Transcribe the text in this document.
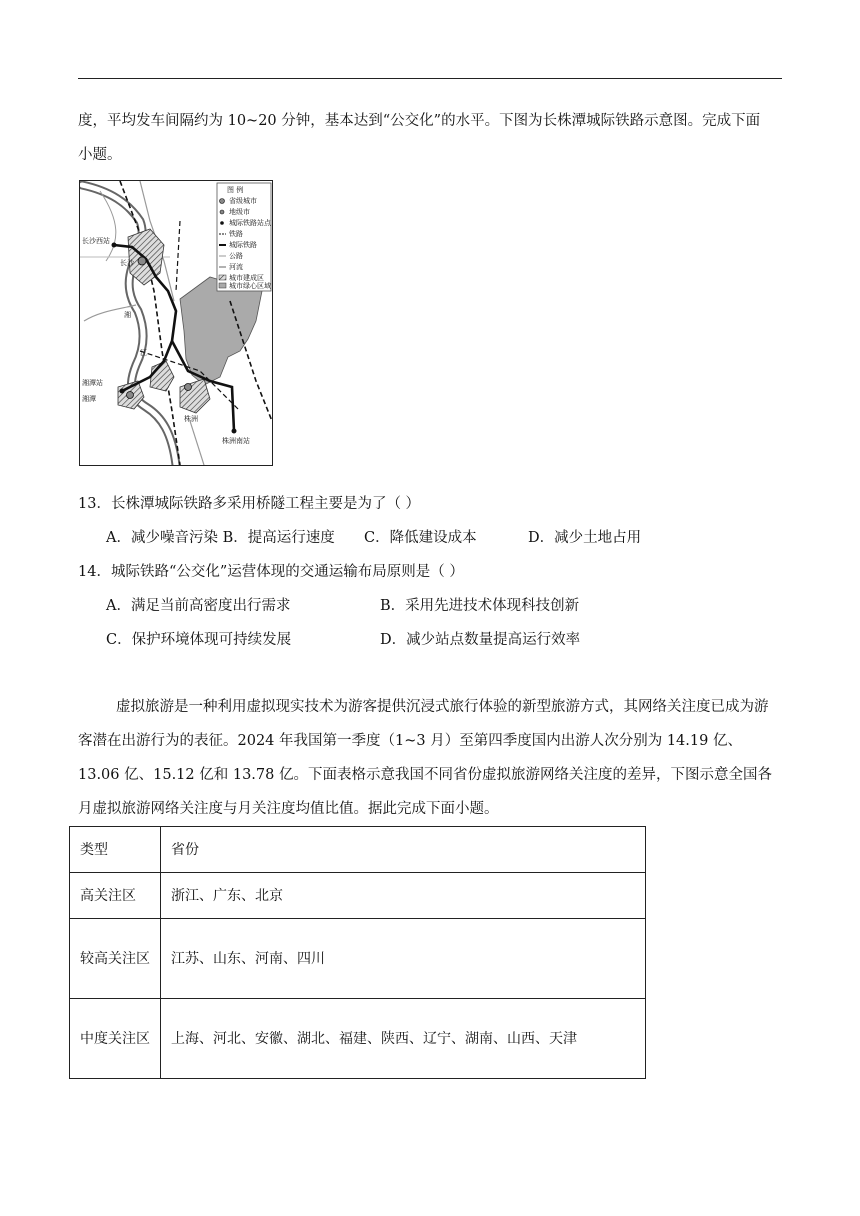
度，平均发车间隔约为 10~20 分钟，基本达到“公交化”的水平。下图为长株潭城际铁路示意图。完成下面
小题。

图 例
省级城市
地级市
城际铁路站点
铁路
城际铁路
公路
河流
城市建成区
城市绿心区域
长沙西站
长沙
湘
江
湘潭站
湘潭
株洲
株洲南站
13．长株潭城际铁路多采用桥隧工程主要是为了（ ）
A．减少噪音污染 B．提高运行速度 C．降低建设成本	D．减少土地占用
14．城际铁路“公交化”运营体现的交通运输布局原则是（ ）
A．满足当前高密度出行需求	B．采用先进技术体现科技创新
C．保护环境体现可持续发展	D．减少站点数量提高运行效率

虚拟旅游是一种利用虚拟现实技术为游客提供沉浸式旅行体验的新型旅游方式，其网络关注度已成为游客潜在出游行为的表征。2024 年我国第一季度（1~3 月）至第四季度国内出游人次分别为 14.19 亿、13.06 亿、15.12 亿和 13.78 亿。下面表格示意我国不同省份虚拟旅游网络关注度的差异，下图示意全国各月虚拟旅游网络关注度与月关注度均值比值。据此完成下面小题。

类型	省份
高关注区	浙江、广东、北京
较高关注区	江苏、山东、河南、四川
中度关注区	上海、河北、安徽、湖北、福建、陕西、辽宁、湖南、山西、天津
